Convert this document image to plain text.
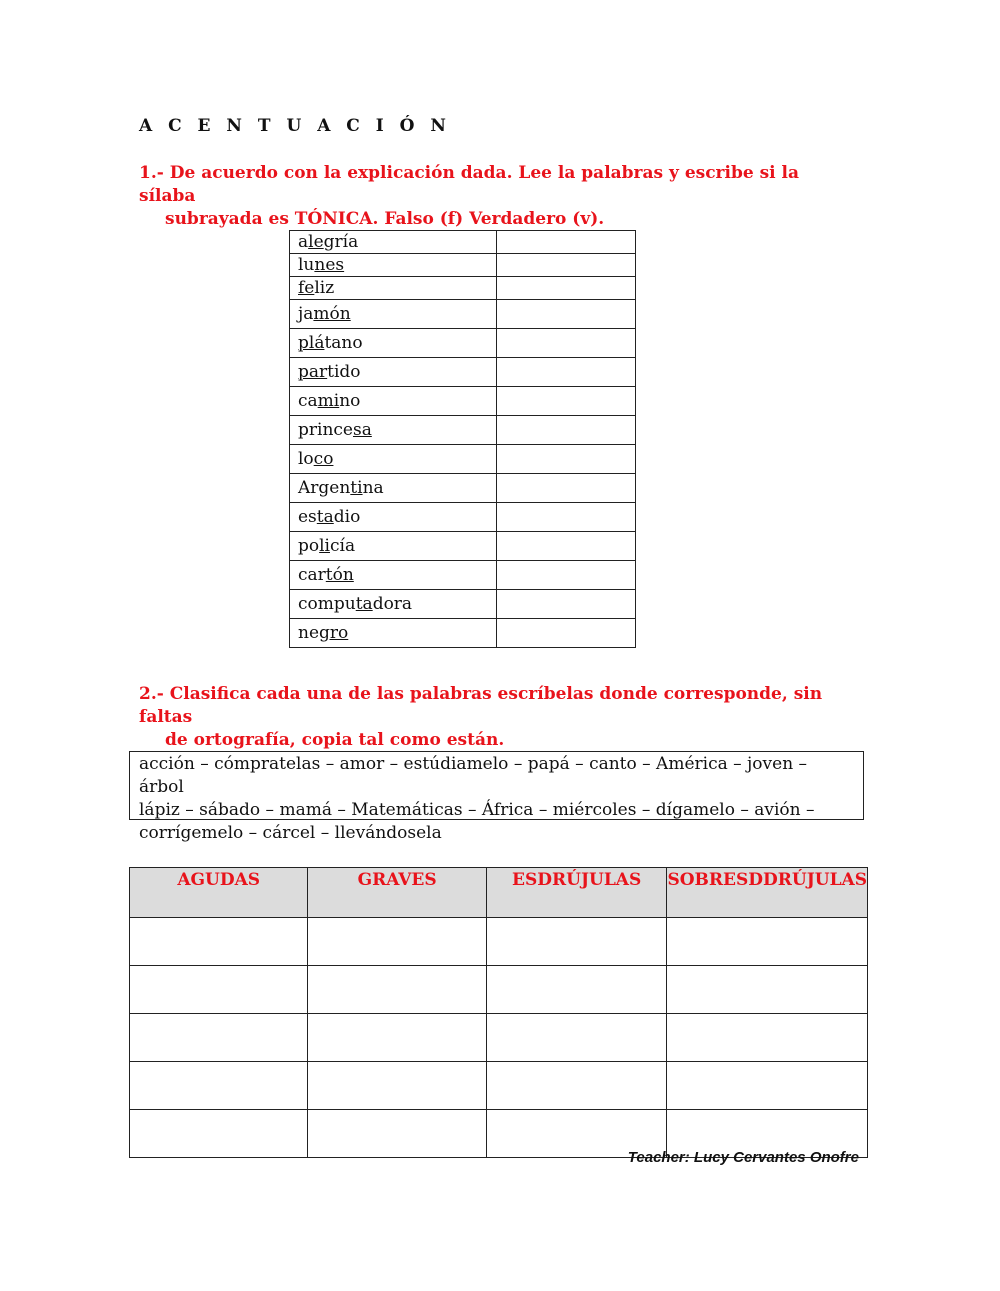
A C E N T U A C I Ó N
1.- De acuerdo con la explicación dada. Lee la palabras y escribe si la sílaba
subrayada es TÓNICA. Falso (f) Verdadero (v).
alegría	
lunes	
feliz	
jamón	
plátano	
partido	
camino	
princesa	
loco	
Argentina	
estadio	
policía	
cartón	
computadora	
negro	
2.- Clasifica cada una de las palabras escríbelas donde corresponde, sin faltas
de ortografía, copia tal como están.
acción – cómpratelas – amor – estúdiamelo – papá – canto – América – joven – árbol
lápiz – sábado – mamá – Matemáticas – África – miércoles – dígamelo – avión –
corrígemelo – cárcel – llevándosela
AGUDAS	GRAVES	ESDRÚJULAS	SOBRESDDRÚJULAS

Teacher: Lucy Cervantes Onofre
